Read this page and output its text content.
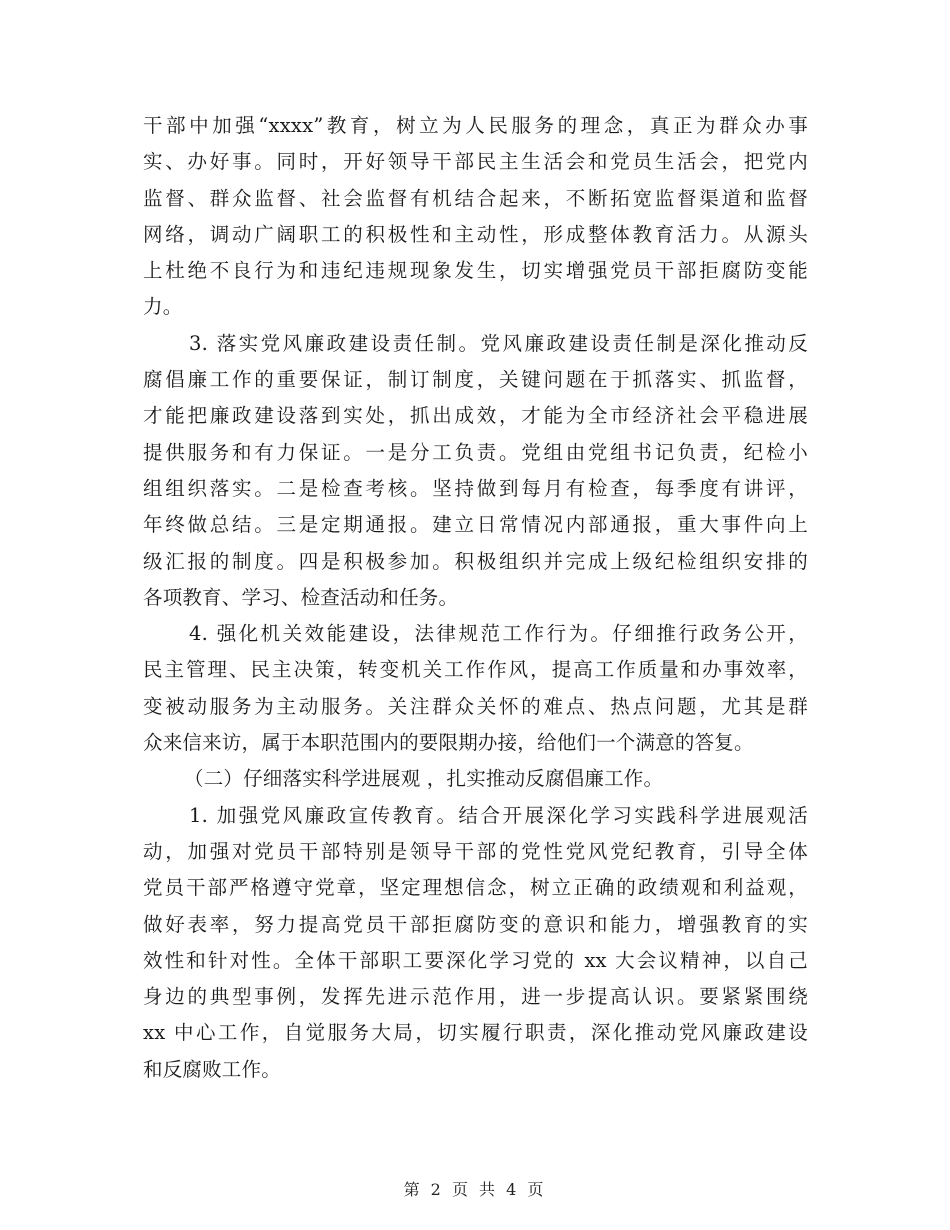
干部中加强“xxxx”教育，树立为人民服务的理念，真正为群众办事
实、办好事。同时，开好领导干部民主生活会和党员生活会，把党内
监督、群众监督、社会监督有机结合起来，不断拓宽监督渠道和监督
网络，调动广阔职工的积极性和主动性，形成整体教育活力。从源头
上杜绝不良行为和违纪违规现象发生，切实增强党员干部拒腐防变能
力。
3. 落实党风廉政建设责任制。党风廉政建设责任制是深化推动反
腐倡廉工作的重要保证，制订制度，关键问题在于抓落实、抓监督，
才能把廉政建设落到实处，抓出成效，才能为全市经济社会平稳进展
提供服务和有力保证。一是分工负责。党组由党组书记负责，纪检小
组组织落实。二是检查考核。坚持做到每月有检查，每季度有讲评，
年终做总结。三是定期通报。建立日常情况内部通报，重大事件向上
级汇报的制度。四是积极参加。积极组织并完成上级纪检组织安排的
各项教育、学习、检查活动和任务。
4. 强化机关效能建设，法律规范工作行为。仔细推行政务公开，
民主管理、民主决策，转变机关工作作风，提高工作质量和办事效率，
变被动服务为主动服务。关注群众关怀的难点、热点问题，尤其是群
众来信来访，属于本职范围内的要限期办接，给他们一个满意的答复。
（二）仔细落实科学进展观 ，扎实推动反腐倡廉工作。
1. 加强党风廉政宣传教育。结合开展深化学习实践科学进展观活
动，加强对党员干部特别是领导干部的党性党风党纪教育，引导全体
党员干部严格遵守党章，坚定理想信念，树立正确的政绩观和利益观，
做好表率，努力提高党员干部拒腐防变的意识和能力，增强教育的实
效性和针对性。全体干部职工要深化学习党的 xx 大会议精神，以自己
身边的典型事例，发挥先进示范作用，进一步提高认识。要紧紧围绕
xx 中心工作，自觉服务大局，切实履行职责，深化推动党风廉政建设
和反腐败工作。
第 2 页 共 4 页
